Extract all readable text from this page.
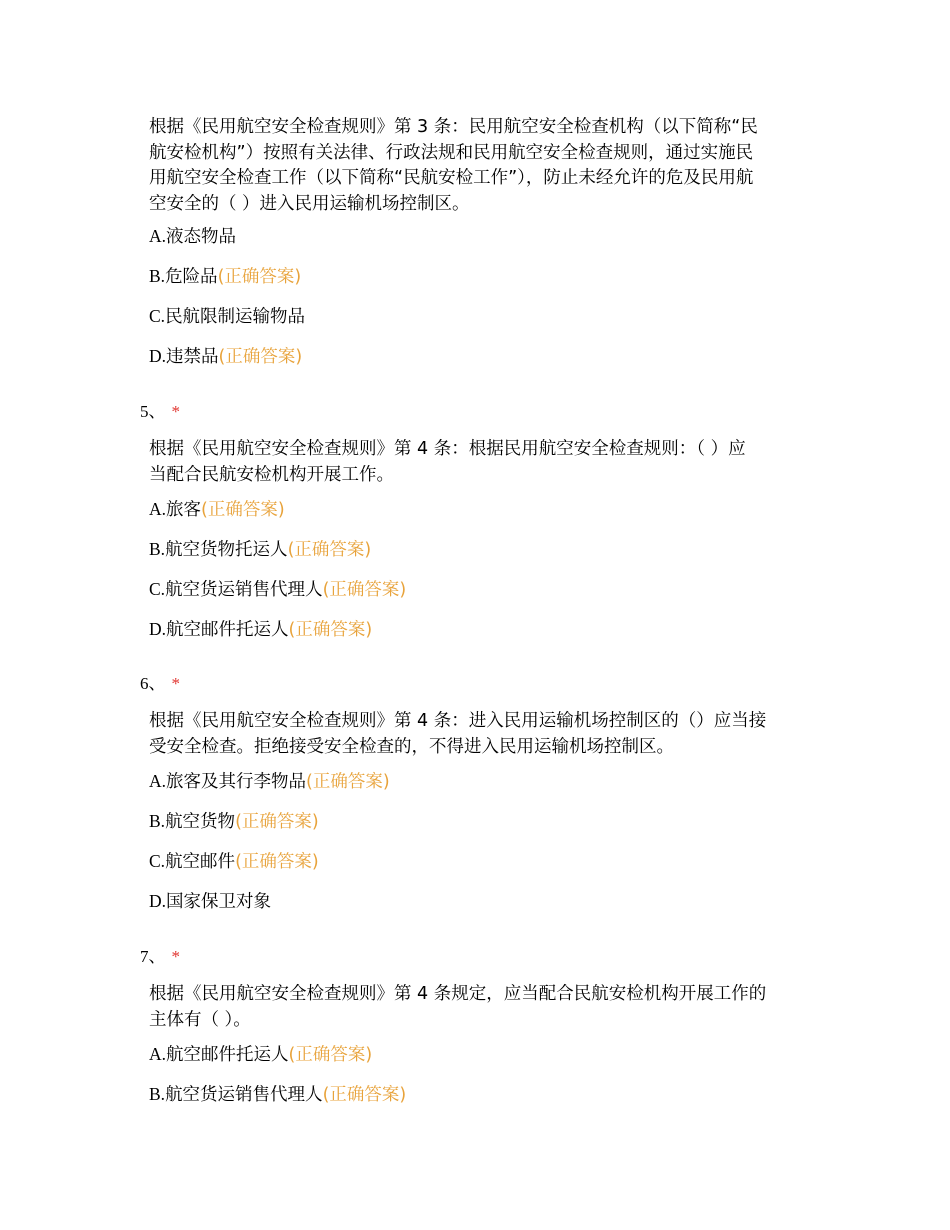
根据《民用航空安全检查规则》第 3 条：民用航空安全检查机构（以下简称“民
航安检机构”）按照有关法律、行政法规和民用航空安全检查规则，通过实施民
用航空安全检查工作（以下简称“民航安检工作”），防止未经允许的危及民用航
空安全的（ ）进入民用运输机场控制区。
A.液态物品
B.危险品(正确答案)
C.民航限制运输物品
D.违禁品(正确答案)
5、 *
根据《民用航空安全检查规则》第 4 条：根据民用航空安全检查规则：（ ）应
当配合民航安检机构开展工作。
A.旅客(正确答案)
B.航空货物托运人(正确答案)
C.航空货运销售代理人(正确答案)
D.航空邮件托运人(正确答案)
6、 *
根据《民用航空安全检查规则》第 4 条：进入民用运输机场控制区的（）应当接
受安全检查。拒绝接受安全检查的，不得进入民用运输机场控制区。
A.旅客及其行李物品(正确答案)
B.航空货物(正确答案)
C.航空邮件(正确答案)
D.国家保卫对象
7、 *
根据《民用航空安全检查规则》第 4 条规定，应当配合民航安检机构开展工作的
主体有（ ）。
A.航空邮件托运人(正确答案)
B.航空货运销售代理人(正确答案)
